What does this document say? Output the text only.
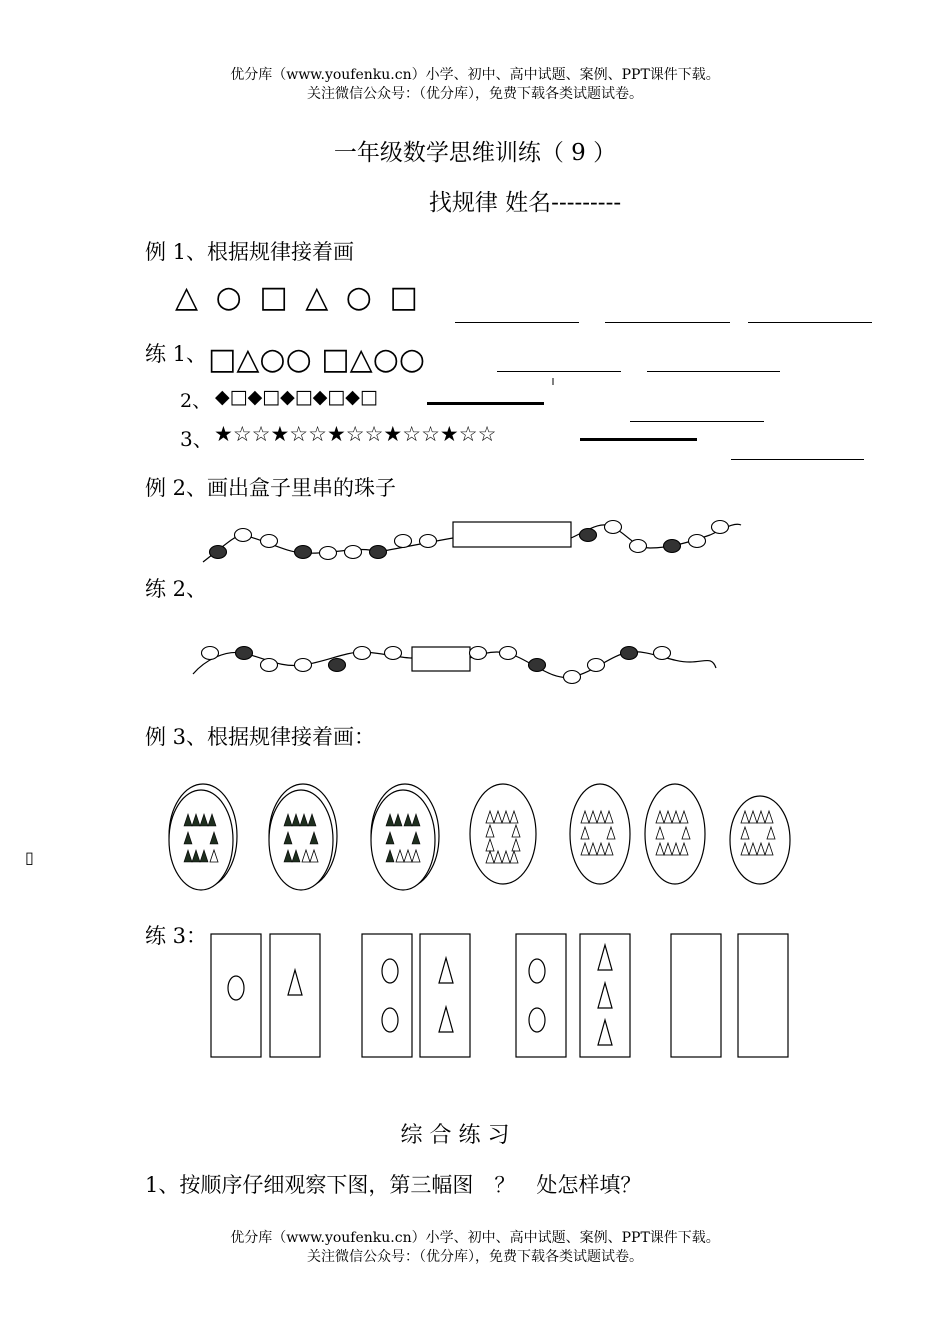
优分库（www.youfenku.cn）小学、初中、高中试题、案例、PPT课件下载。
关注微信公众号：（优分库），免费下载各类试题试卷。
一年级数学思维训练（ 9 ）
找规律 姓名---------
例 1、根据规律接着画
△ ○ □ △ ○ □
练 1、 □△○○ □△○○
2、 ◆□◆□◆□◆□◆□
3、 ★☆☆★☆☆★☆☆★☆☆★☆☆
例 2、画出盒子里串的珠子
练 2、
例 3、根据规律接着画：
▯
练 3：
综 合 练 习
1、按顺序仔细观察下图，第三幅图　？　处怎样填？
优分库（www.youfenku.cn）小学、初中、高中试题、案例、PPT课件下载。
关注微信公众号：（优分库），免费下载各类试题试卷。
